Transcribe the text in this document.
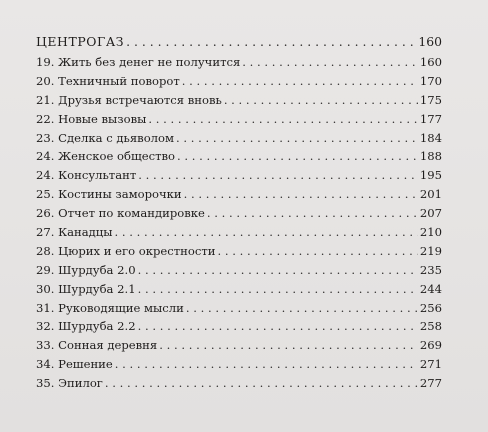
ЦЕНТРОГАЗ . . .	160
19. Жить без денег не получится . . .	160
20. Техничный поворот . . .	170
21. Друзья встречаются вновь . . .	175
22. Новые вызовы . . .	177
23. Сделка с дьяволом . . .	184
24. Женское общество . . .	188
24. Консультант . . .	195
25. Костины заморочки . . .	201
26. Отчет по командировке . . .	207
27. Канадцы . . .	210
28. Цюрих и его окрестности . . .	219
29. Шурдуба 2.0 . . .	235
30. Шурдуба 2.1 . . .	244
31. Руководящие мысли . . .	256
32. Шурдуба 2.2 . . .	258
33. Сонная деревня . . .	269
34. Решение . . .	271
35. Эпилог . . .	277
